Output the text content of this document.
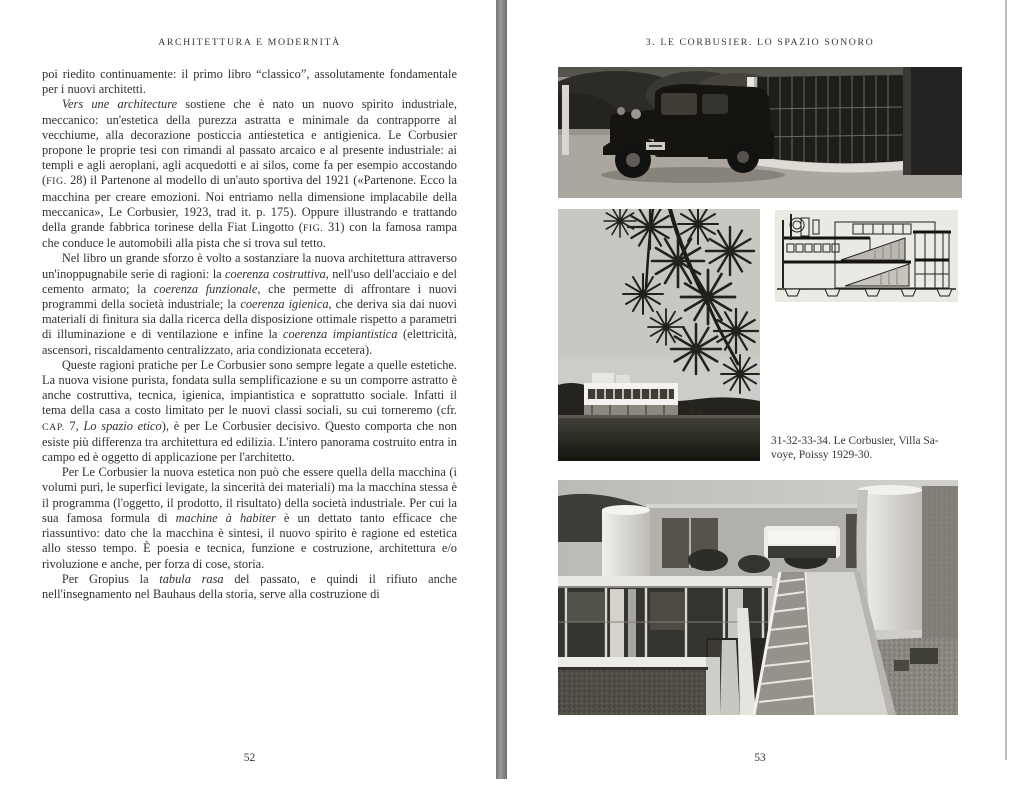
ARCHITETTURA E MODERNITÀ

poi riedito continuamente: il primo libro “classico”, assolutamente fondamentale per i nuovi architetti.

Vers une architecture sostiene che è nato un nuovo spirito industriale, meccanico: un'estetica della purezza astratta e minimale da contrapporre al vecchiume, alla decorazione posticcia antiestetica e antigienica. Le Corbusier propone le proprie tesi con rimandi al passato arcaico e al presente industriale: ai templi e agli aeroplani, agli acquedotti e ai silos, come fa per esempio accostando (FIG. 28) il Partenone al modello di un'auto sportiva del 1921 («Partenone. Ecco la macchina per creare emozioni. Noi entriamo nella dimensione implacabile della meccanica», Le Corbusier, 1923, trad it. p. 175). Oppure illustrando e trattando della grande fabbrica torinese della Fiat Lingotto (FIG. 31) con la famosa rampa che conduce le automobili alla pista che si trova sul tetto.

Nel libro un grande sforzo è volto a sostanziare la nuova architettura attraverso un'inoppugnabile serie di ragioni: la coerenza costruttiva, nell'uso dell'acciaio e del cemento armato; la coerenza funzionale, che permette di affrontare i nuovi programmi della società industriale; la coerenza igienica, che deriva sia dai nuovi materiali di finitura sia dalla ricerca della disposizione ottimale rispetto a parametri di illuminazione e di ventilazione e infine la coerenza impiantistica (elettricità, ascensori, riscaldamento centralizzato, aria condizionata eccetera).

Queste ragioni pratiche per Le Corbusier sono sempre legate a quelle estetiche. La nuova visione purista, fondata sulla semplificazione e su un comporre astratto è anche costruttiva, tecnica, igienica, impiantistica e soprattutto sociale. Infatti il tema della casa a costo limitato per le nuovi classi sociali, su cui torneremo (cfr. CAP. 7, Lo spazio etico), è per Le Corbusier decisivo. Questo comporta che non esiste più differenza tra architettura ed edilizia. L'intero panorama costruito entra in campo ed è oggetto di applicazione per l'architetto.

Per Le Corbusier la nuova estetica non può che essere quella della macchina (i volumi puri, le superfici levigate, la sincerità dei materiali) ma la macchina stessa è il programma (l'oggetto, il prodotto, il risultato) della società industriale. Per cui la sua famosa formula di machine à habiter è un dettato tanto efficace che riassuntivo: dato che la macchina è sintesi, il nuovo spirito è ragione ed estetica allo stesso tempo. È poesia e tecnica, funzione e costruzione, architettura e/o rivoluzione e anche, per forza di cose, storia.

Per Gropius la tabula rasa del passato, e quindi il rifiuto anche nell'insegnamento nel Bauhaus della storia, serve alla costruzione di

52
3. LE CORBUSIER. LO SPAZIO SONORO
53
31-32-33-34. Le Corbusier, Villa Sa-
voye, Poissy 1929-30.
